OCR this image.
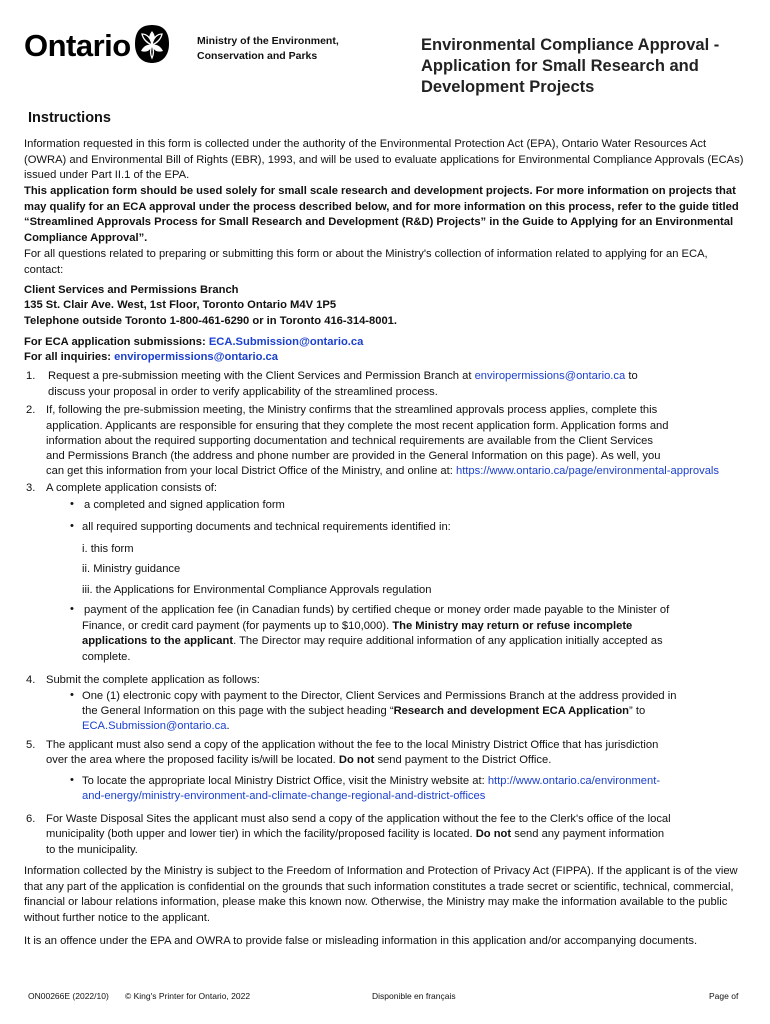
Ontario	Ministry of the Environment, Conservation and Parks
Environmental Compliance Approval - Application for Small Research and Development Projects
Instructions
Information requested in this form is collected under the authority of the Environmental Protection Act (EPA), Ontario Water Resources Act (OWRA) and Environmental Bill of Rights (EBR), 1993, and will be used to evaluate applications for Environmental Compliance Approvals (ECAs) issued under Part II.1 of the EPA.
This application form should be used solely for small scale research and development projects. For more information on projects that may qualify for an ECA approval under the process described below, and for more information on this process, refer to the guide titled “Streamlined Approvals Process for Small Research and Development (R&D) Projects” in the Guide to Applying for an Environmental Compliance Approval”.
For all questions related to preparing or submitting this form or about the Ministry's collection of information related to applying for an ECA, contact:
Client Services and Permissions Branch
135 St. Clair Ave. West, 1st Floor, Toronto Ontario M4V 1P5
Telephone outside Toronto 1-800-461-6290 or in Toronto 416-314-8001.
For ECA application submissions: ECA.Submission@ontario.ca
For all inquiries: enviropermissions@ontario.ca
1. Request a pre-submission meeting with the Client Services and Permission Branch at enviropermissions@ontario.ca to
discuss your proposal in order to verify applicability of the streamlined process.
2. If, following the pre-submission meeting, the Ministry confirms that the streamlined approvals process applies, complete this
application. Applicants are responsible for ensuring that they complete the most recent application form. Application forms and
information about the required supporting documentation and technical requirements are available from the Client Services
and Permissions Branch (the address and phone number are provided in the General Information on this page). As well, you
can get this information from your local District Office of the Ministry, and online at: https://www.ontario.ca/page/environmental-approvals
3. A complete application consists of:
• a completed and signed application form
• all required supporting documents and technical requirements identified in:
i. this form
ii. Ministry guidance
iii. the Applications for Environmental Compliance Approvals regulation
• payment of the application fee (in Canadian funds) by certified cheque or money order made payable to the Minister of
Finance, or credit card payment (for payments up to $10,000). The Ministry may return or refuse incomplete
applications to the applicant. The Director may require additional information of any application initially accepted as
complete.
4. Submit the complete application as follows:
• One (1) electronic copy with payment to the Director, Client Services and Permissions Branch at the address provided in
the General Information on this page with the subject heading “Research and development ECA Application” to
ECA.Submission@ontario.ca.
5. The applicant must also send a copy of the application without the fee to the local Ministry District Office that has jurisdiction
over the area where the proposed facility is/will be located. Do not send payment to the District Office.
• To locate the appropriate local Ministry District Office, visit the Ministry website at: http://www.ontario.ca/environment-
and-energy/ministry-environment-and-climate-change-regional-and-district-offices
6. For Waste Disposal Sites the applicant must also send a copy of the application without the fee to the Clerk's office of the local
municipality (both upper and lower tier) in which the facility/proposed facility is located. Do not send any payment information
to the municipality.
Information collected by the Ministry is subject to the Freedom of Information and Protection of Privacy Act (FIPPA). If the applicant is of the view that any part of the application is confidential on the grounds that such information constitutes a trade secret or scientific, technical, commercial, financial or labour relations information, please make this known now. Otherwise, the Ministry may make the information available to the public without further notice to the applicant.
It is an offence under the EPA and OWRA to provide false or misleading information in this application and/or accompanying documents.
ON00266E (2022/10) © King's Printer for Ontario, 2022	Disponible en français	Page of
